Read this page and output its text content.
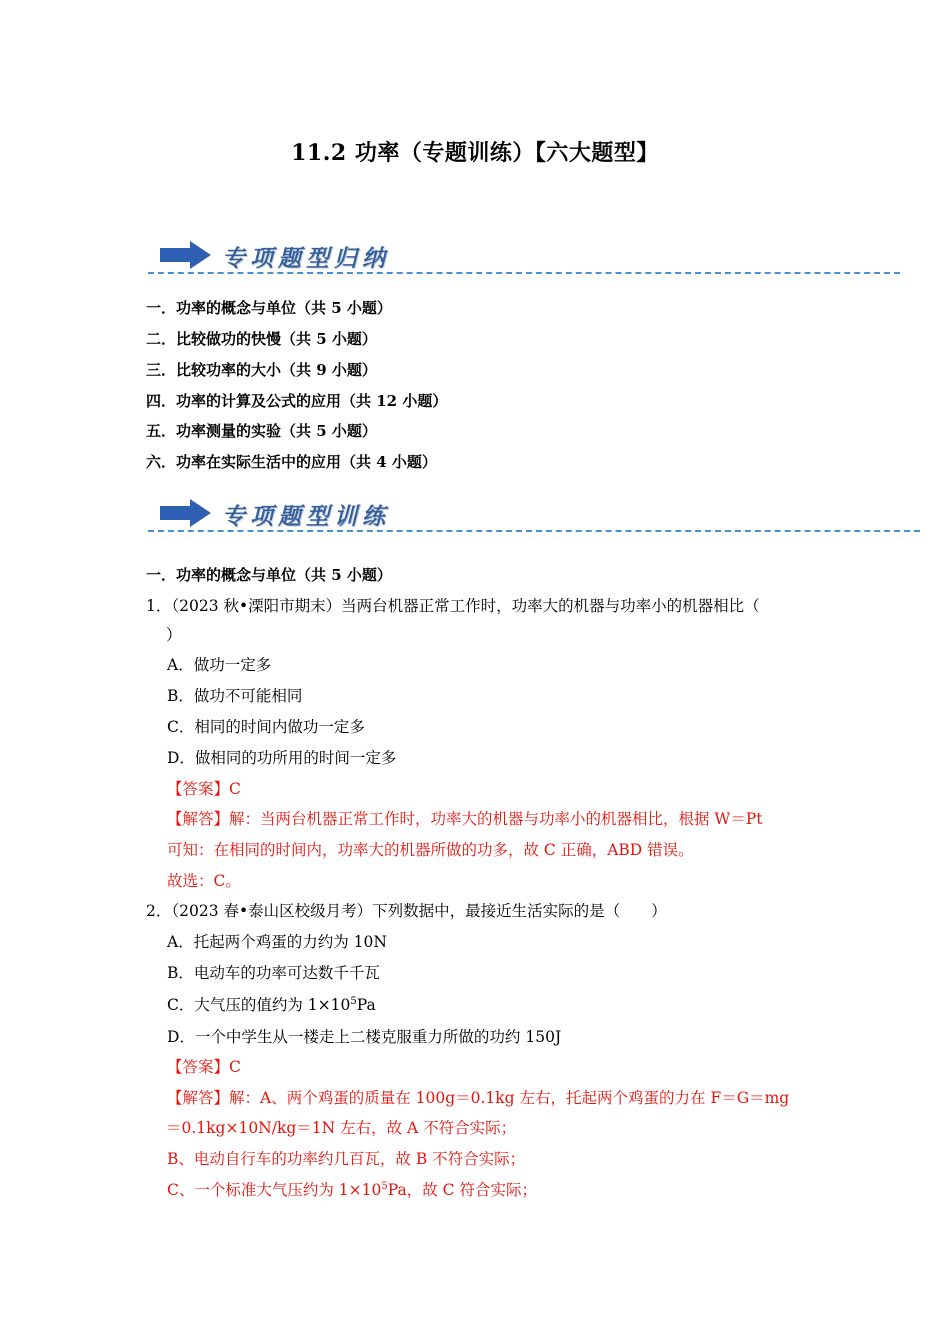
11.2 功率（专题训练）【六大题型】
专项题型归纳
一．功率的概念与单位（共 5 小题）
二．比较做功的快慢（共 5 小题）
三．比较功率的大小（共 9 小题）
四．功率的计算及公式的应用（共 12 小题）
五．功率测量的实验（共 5 小题）
六．功率在实际生活中的应用（共 4 小题）
专项题型训练
一．功率的概念与单位（共 5 小题）
1．（2023 秋•溧阳市期末）当两台机器正常工作时，功率大的机器与功率小的机器相比（
）
A．做功一定多
B．做功不可能相同
C．相同的时间内做功一定多
D．做相同的功所用的时间一定多
【答案】C
【解答】解：当两台机器正常工作时，功率大的机器与功率小的机器相比，根据 W＝Pt
可知：在相同的时间内，功率大的机器所做的功多，故 C 正确，ABD 错误。
故选：C。
2．（2023 春•泰山区校级月考）下列数据中，最接近生活实际的是（　　）
A．托起两个鸡蛋的力约为 10N
B．电动车的功率可达数千千瓦
C．大气压的值约为 $1\times 10^5Pa$
D．一个中学生从一楼走上二楼克服重力所做的功约 150J
【答案】C
【解答】解：A、两个鸡蛋的质量在 100g＝0.1kg 左右，托起两个鸡蛋的力在 F＝G＝mg
＝0.1kg×10N/kg＝1N 左右，故 A 不符合实际；
B、电动自行车的功率约几百瓦，故 B 不符合实际；
C、一个标准大气压约为 $1\times 10^5Pa$，故 C 符合实际；
